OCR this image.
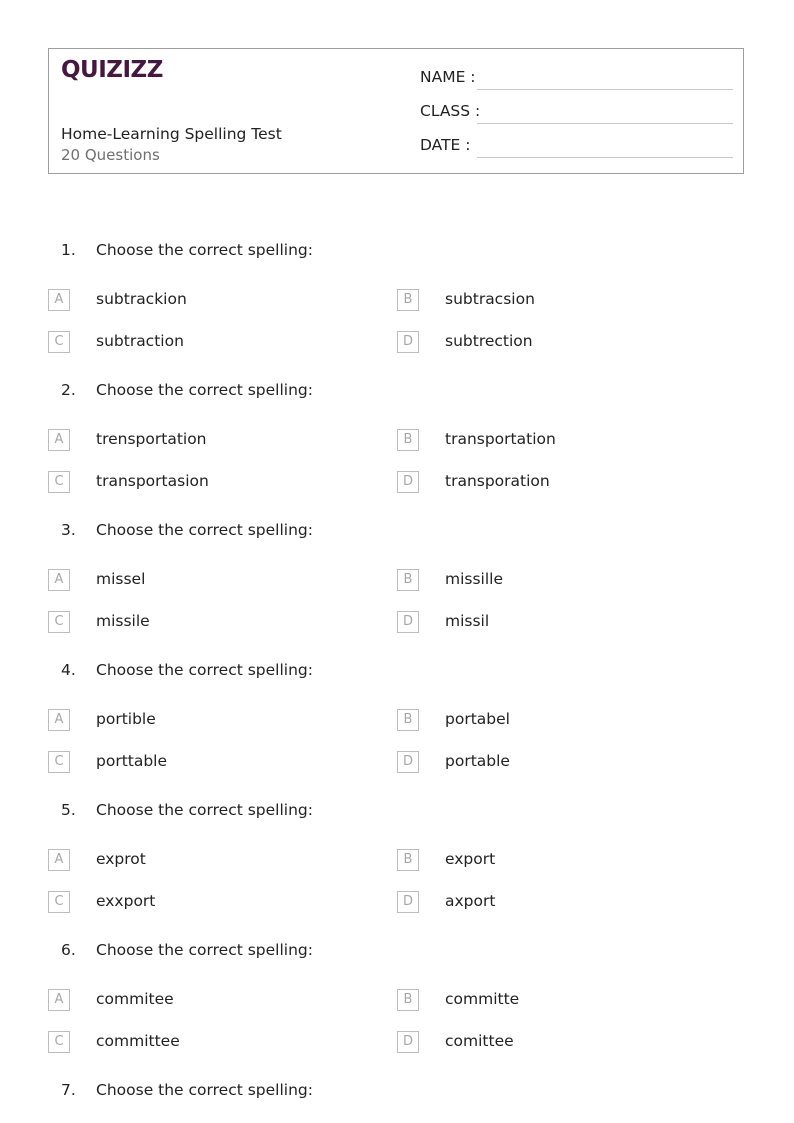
QUIZIZZ
Home-Learning Spelling Test
20 Questions
NAME :
CLASS :
DATE :
1. Choose the correct spelling:
A	subtrackion	B	subtracsion
C	subtraction	D	subtrection
2. Choose the correct spelling:
A	trensportation	B	transportation
C	transportasion	D	transporation
3. Choose the correct spelling:
A	missel	B	missille
C	missile	D	missil
4. Choose the correct spelling:
A	portible	B	portabel
C	porttable	D	portable
5. Choose the correct spelling:
A	exprot	B	export
C	exxport	D	axport
6. Choose the correct spelling:
A	commitee	B	committe
C	committee	D	comittee
7. Choose the correct spelling:
